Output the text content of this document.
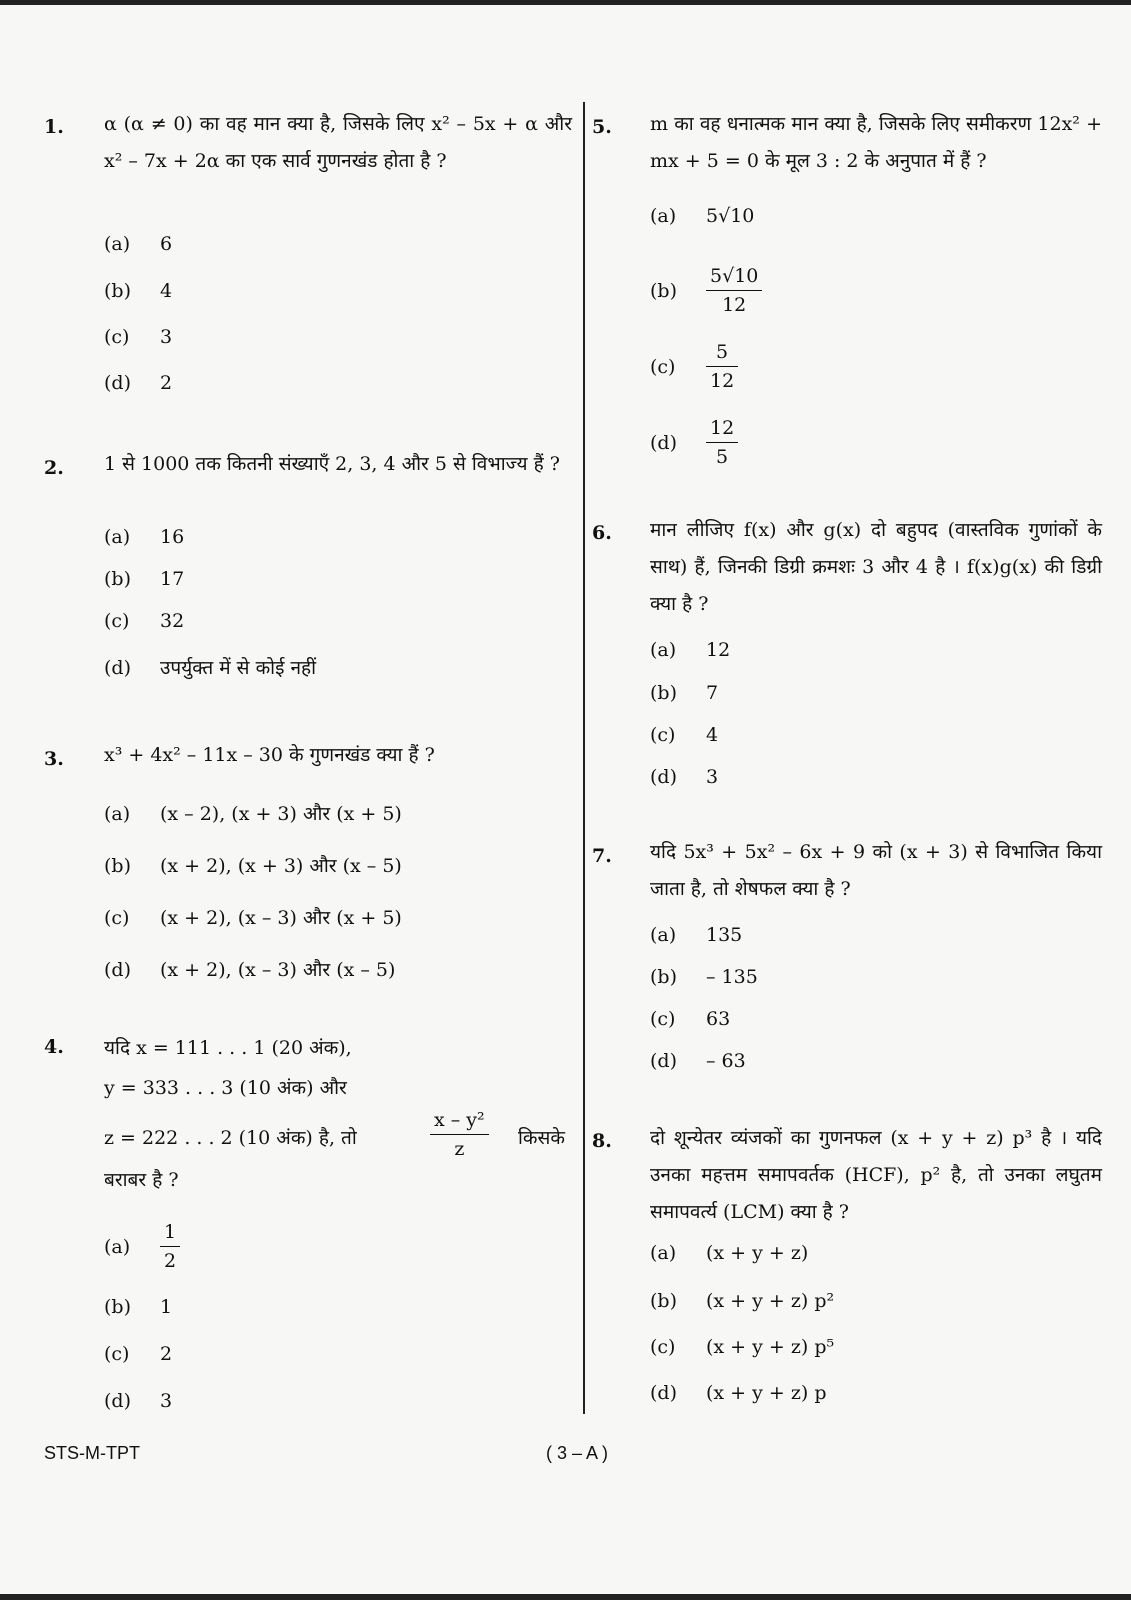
1. α (α ≠ 0) का वह मान क्या है, जिसके लिए x² – 5x + α और x² – 7x + 2α का एक सार्व गुणनखंड होता है ?
(a) 6
(b) 4
(c) 3
(d) 2
2. 1 से 1000 तक कितनी संख्याएँ 2, 3, 4 और 5 से विभाज्य हैं ?
(a) 16
(b) 17
(c) 32
(d) उपर्युक्त में से कोई नहीं
3. x³ + 4x² – 11x – 30 के गुणनखंड क्या हैं ?
(a) (x – 2), (x + 3) और (x + 5)
(b) (x + 2), (x + 3) और (x – 5)
(c) (x + 2), (x – 3) और (x + 5)
(d) (x + 2), (x – 3) और (x – 5)
4. यदि x = 111 . . . 1 (20 अंक),
y = 333 . . . 3 (10 अंक) और
z = 222 . . . 2 (10 अंक) है, तो	$\frac{\text{x – y²}}{z}$ किसके
बराबर है ?
$(a) \frac{1}{2}$
(b) 1
(c) 2
(d) 3
5. m का वह धनात्मक मान क्या है, जिसके लिए समीकरण 12x² + mx + 5 = 0 के मूल 3 : 2 के अनुपात में हैं ?
(a) 5√10
$(b) \frac{5√10}{12}$
$(c) \frac{5}{12}$
$(d) \frac{12}{5}$
6. मान लीजिए f(x) और g(x) दो बहुपद (वास्तविक गुणांकों के साथ) हैं, जिनकी डिग्री क्रमशः 3 और 4 है । f(x)g(x) की डिग्री क्या है ?
(a) 12
(b) 7
(c) 4
(d) 3
7. यदि 5x³ + 5x² – 6x + 9 को (x + 3) से विभाजित किया जाता है, तो शेषफल क्या है ?
(a) 135
(b) – 135
(c) 63
(d) – 63
8. दो शून्येतर व्यंजकों का गुणनफल (x + y + z) p³ है । यदि उनका महत्तम समापवर्तक (HCF), p² है, तो उनका लघुतम समापवर्त्य (LCM) क्या है ?
(a) (x + y + z)
(b) (x + y + z) p²
(c) (x + y + z) p⁵
(d) (x + y + z) p
STS-M-TPT	( 3 – A )
